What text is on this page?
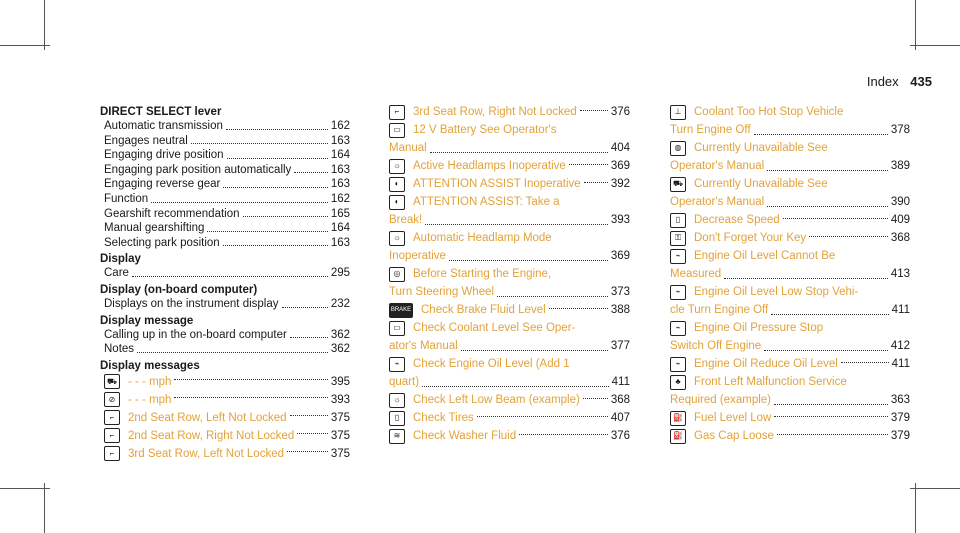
Index 435
DIRECT SELECT lever
Automatic transmission	162
Engages neutral	163
Engaging drive position	164
Engaging park position automatically	163
Engaging reverse gear	163
Function	162
Gearshift recommendation	165
Manual gearshifting	164
Selecting park position	163
Display
Care	295
Display (on-board computer)
Displays on the instrument display	232
Display message
Calling up in the on-board computer	362
Notes	362
Display messages
⛟ - - - mph	395
⊘	- - - mph	393
⌐	2nd Seat Row, Left Not Locked	375
⌐	2nd Seat Row, Right Not Locked	375
⌐	3rd Seat Row, Left Not Locked	375
⌐	3rd Seat Row, Right Not Locked	376
▭	12 V Battery See Operator's
Manual	404
☼	Active Headlamps Inoperative	369
◐	ATTENTION ASSIST Inoperative	392
◐	ATTENTION ASSIST: Take a
Break!	393
☼	Automatic Headlamp Mode
Inoperative	369
◎	Before Starting the Engine,
Turn Steering Wheel	373
BRAKE Check Brake Fluid Level	388
▭	Check Coolant Level See Oper-
ator's Manual	377
⌁	Check Engine Oil Level (Add 1
quart)	411
☼	Check Left Low Beam (example)	368
▯	Check Tires	407
≋	Check Washer Fluid	376
⊥	Coolant Too Hot Stop Vehicle
Turn Engine Off	378
◍	Currently Unavailable See
Operator's Manual	389
⛟ Currently Unavailable See
Operator's Manual	390
▯	Decrease Speed	409
⚿	Don't Forget Your Key	368
⌁	Engine Oil Level Cannot Be
Measured	413
⌁	Engine Oil Level Low Stop Vehi-
cle Turn Engine Off	411
⌁	Engine Oil Pressure Stop
Switch Off Engine	412
⌁	Engine Oil Reduce Oil Level	411
♣	Front Left Malfunction Service
Required (example)	363
⛽ Fuel Level Low	379
⛽ Gas Cap Loose	379
